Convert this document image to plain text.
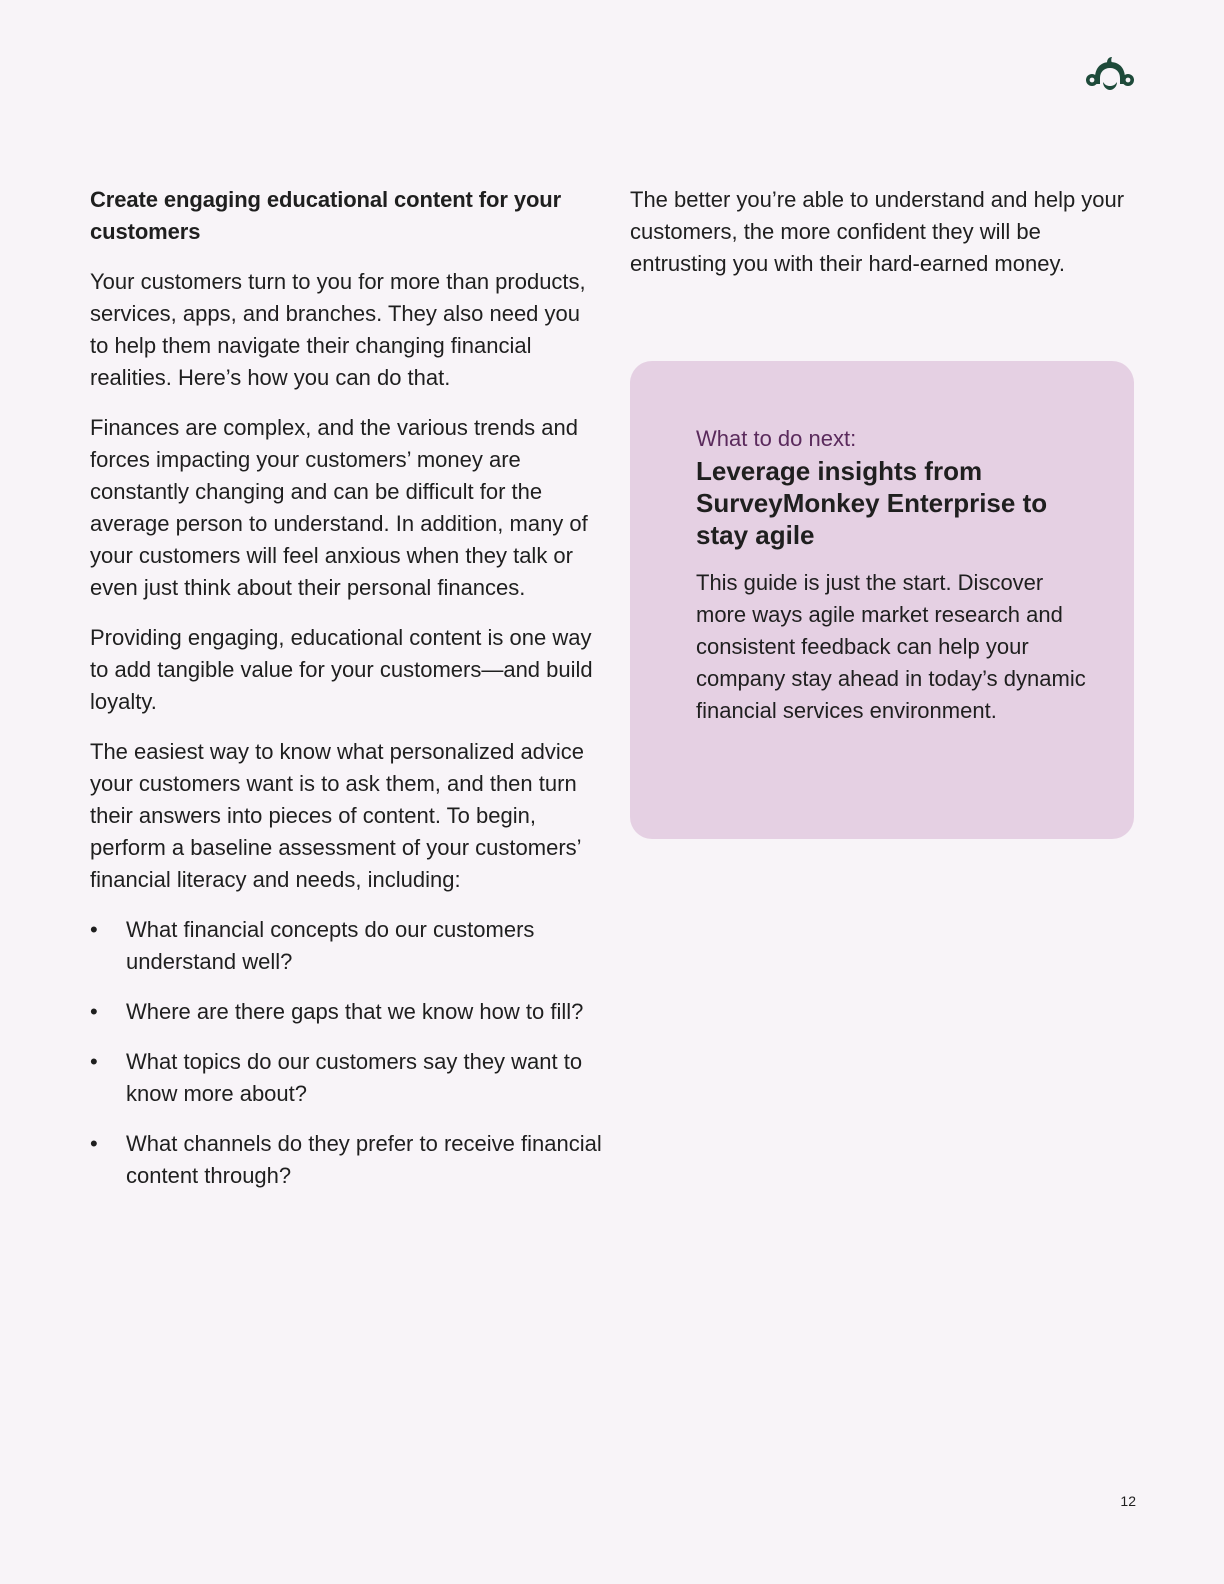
Create engaging educational content for your customers

Your customers turn to you for more than products, services, apps, and branches. They also need you to help them navigate their changing financial realities. Here’s how you can do that.

Finances are complex, and the various trends and forces impacting your customers’ money are constantly changing and can be difficult for the average person to understand. In addition, many of your customers will feel anxious when they talk or even just think about their personal finances.

Providing engaging, educational content is one way to add tangible value for your customers—and build loyalty.

The easiest way to know what personalized advice your customers want is to ask them, and then turn their answers into pieces of content. To begin, perform a baseline assessment of your customers’ financial literacy and needs, including:

• What financial concepts do our customers understand well?
• Where are there gaps that we know how to fill?
• What topics do our customers say they want to know more about?
• What channels do they prefer to receive financial content through?

The better you’re able to understand and help your customers, the more confident they will be entrusting you with their hard-earned money.

What to do next:
Leverage insights from SurveyMonkey Enterprise to stay agile

This guide is just the start. Discover more ways agile market research and consistent feedback can help your company stay ahead in today’s dynamic financial services environment.

12
